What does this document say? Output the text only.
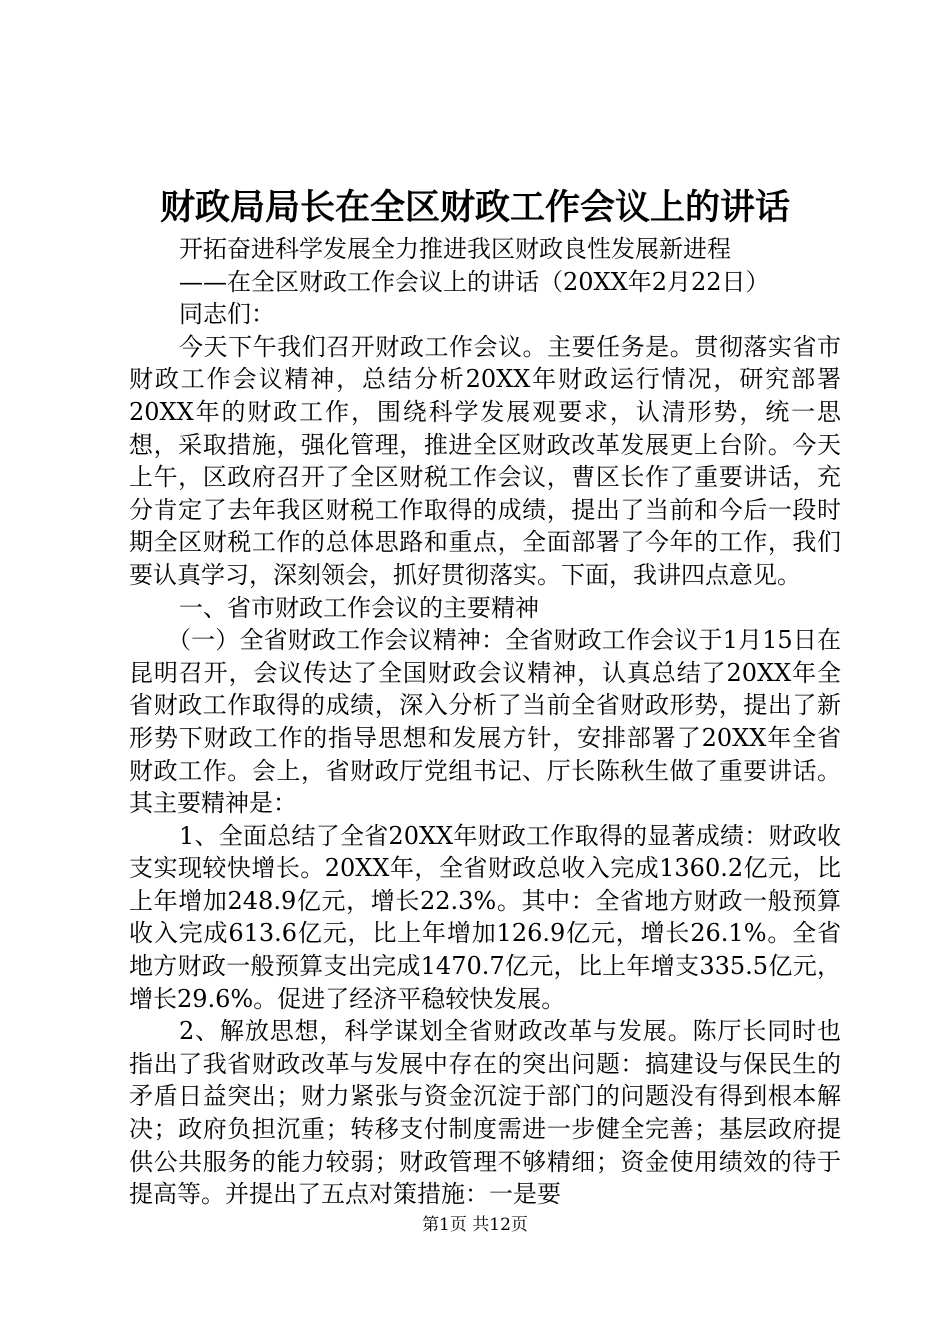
财政局局长在全区财政工作会议上的讲话

开拓奋进科学发展全力推进我区财政良性发展新进程

——在全区财政工作会议上的讲话（20XX年2月22日）

同志们：

今天下午我们召开财政工作会议。主要任务是。贯彻落实省市财政工作会议精神，总结分析20XX年财政运行情况，研究部署20XX年的财政工作，围绕科学发展观要求，认清形势，统一思想，采取措施，强化管理，推进全区财政改革发展更上台阶。今天上午，区政府召开了全区财税工作会议，曹区长作了重要讲话，充分肯定了去年我区财税工作取得的成绩，提出了当前和今后一段时期全区财税工作的总体思路和重点，全面部署了今年的工作，我们要认真学习，深刻领会，抓好贯彻落实。下面，我讲四点意见。

一、省市财政工作会议的主要精神

（一）全省财政工作会议精神：全省财政工作会议于1月15日在昆明召开，会议传达了全国财政会议精神，认真总结了20XX年全省财政工作取得的成绩，深入分析了当前全省财政形势，提出了新形势下财政工作的指导思想和发展方针，安排部署了20XX年全省财政工作。会上，省财政厅党组书记、厅长陈秋生做了重要讲话。其主要精神是：

1、全面总结了全省20XX年财政工作取得的显著成绩：财政收支实现较快增长。20XX年，全省财政总收入完成1360.2亿元，比上年增加248.9亿元，增长22.3%。其中：全省地方财政一般预算收入完成613.6亿元，比上年增加126.9亿元，增长26.1%。全省地方财政一般预算支出完成1470.7亿元，比上年增支335.5亿元，增长29.6%。促进了经济平稳较快发展。

2、解放思想，科学谋划全省财政改革与发展。陈厅长同时也指出了我省财政改革与发展中存在的突出问题：搞建设与保民生的矛盾日益突出；财力紧张与资金沉淀于部门的问题没有得到根本解决；政府负担沉重；转移支付制度需进一步健全完善；基层政府提供公共服务的能力较弱；财政管理不够精细；资金使用绩效的待于提高等。并提出了五点对策措施：一是要

第1页 共12页
